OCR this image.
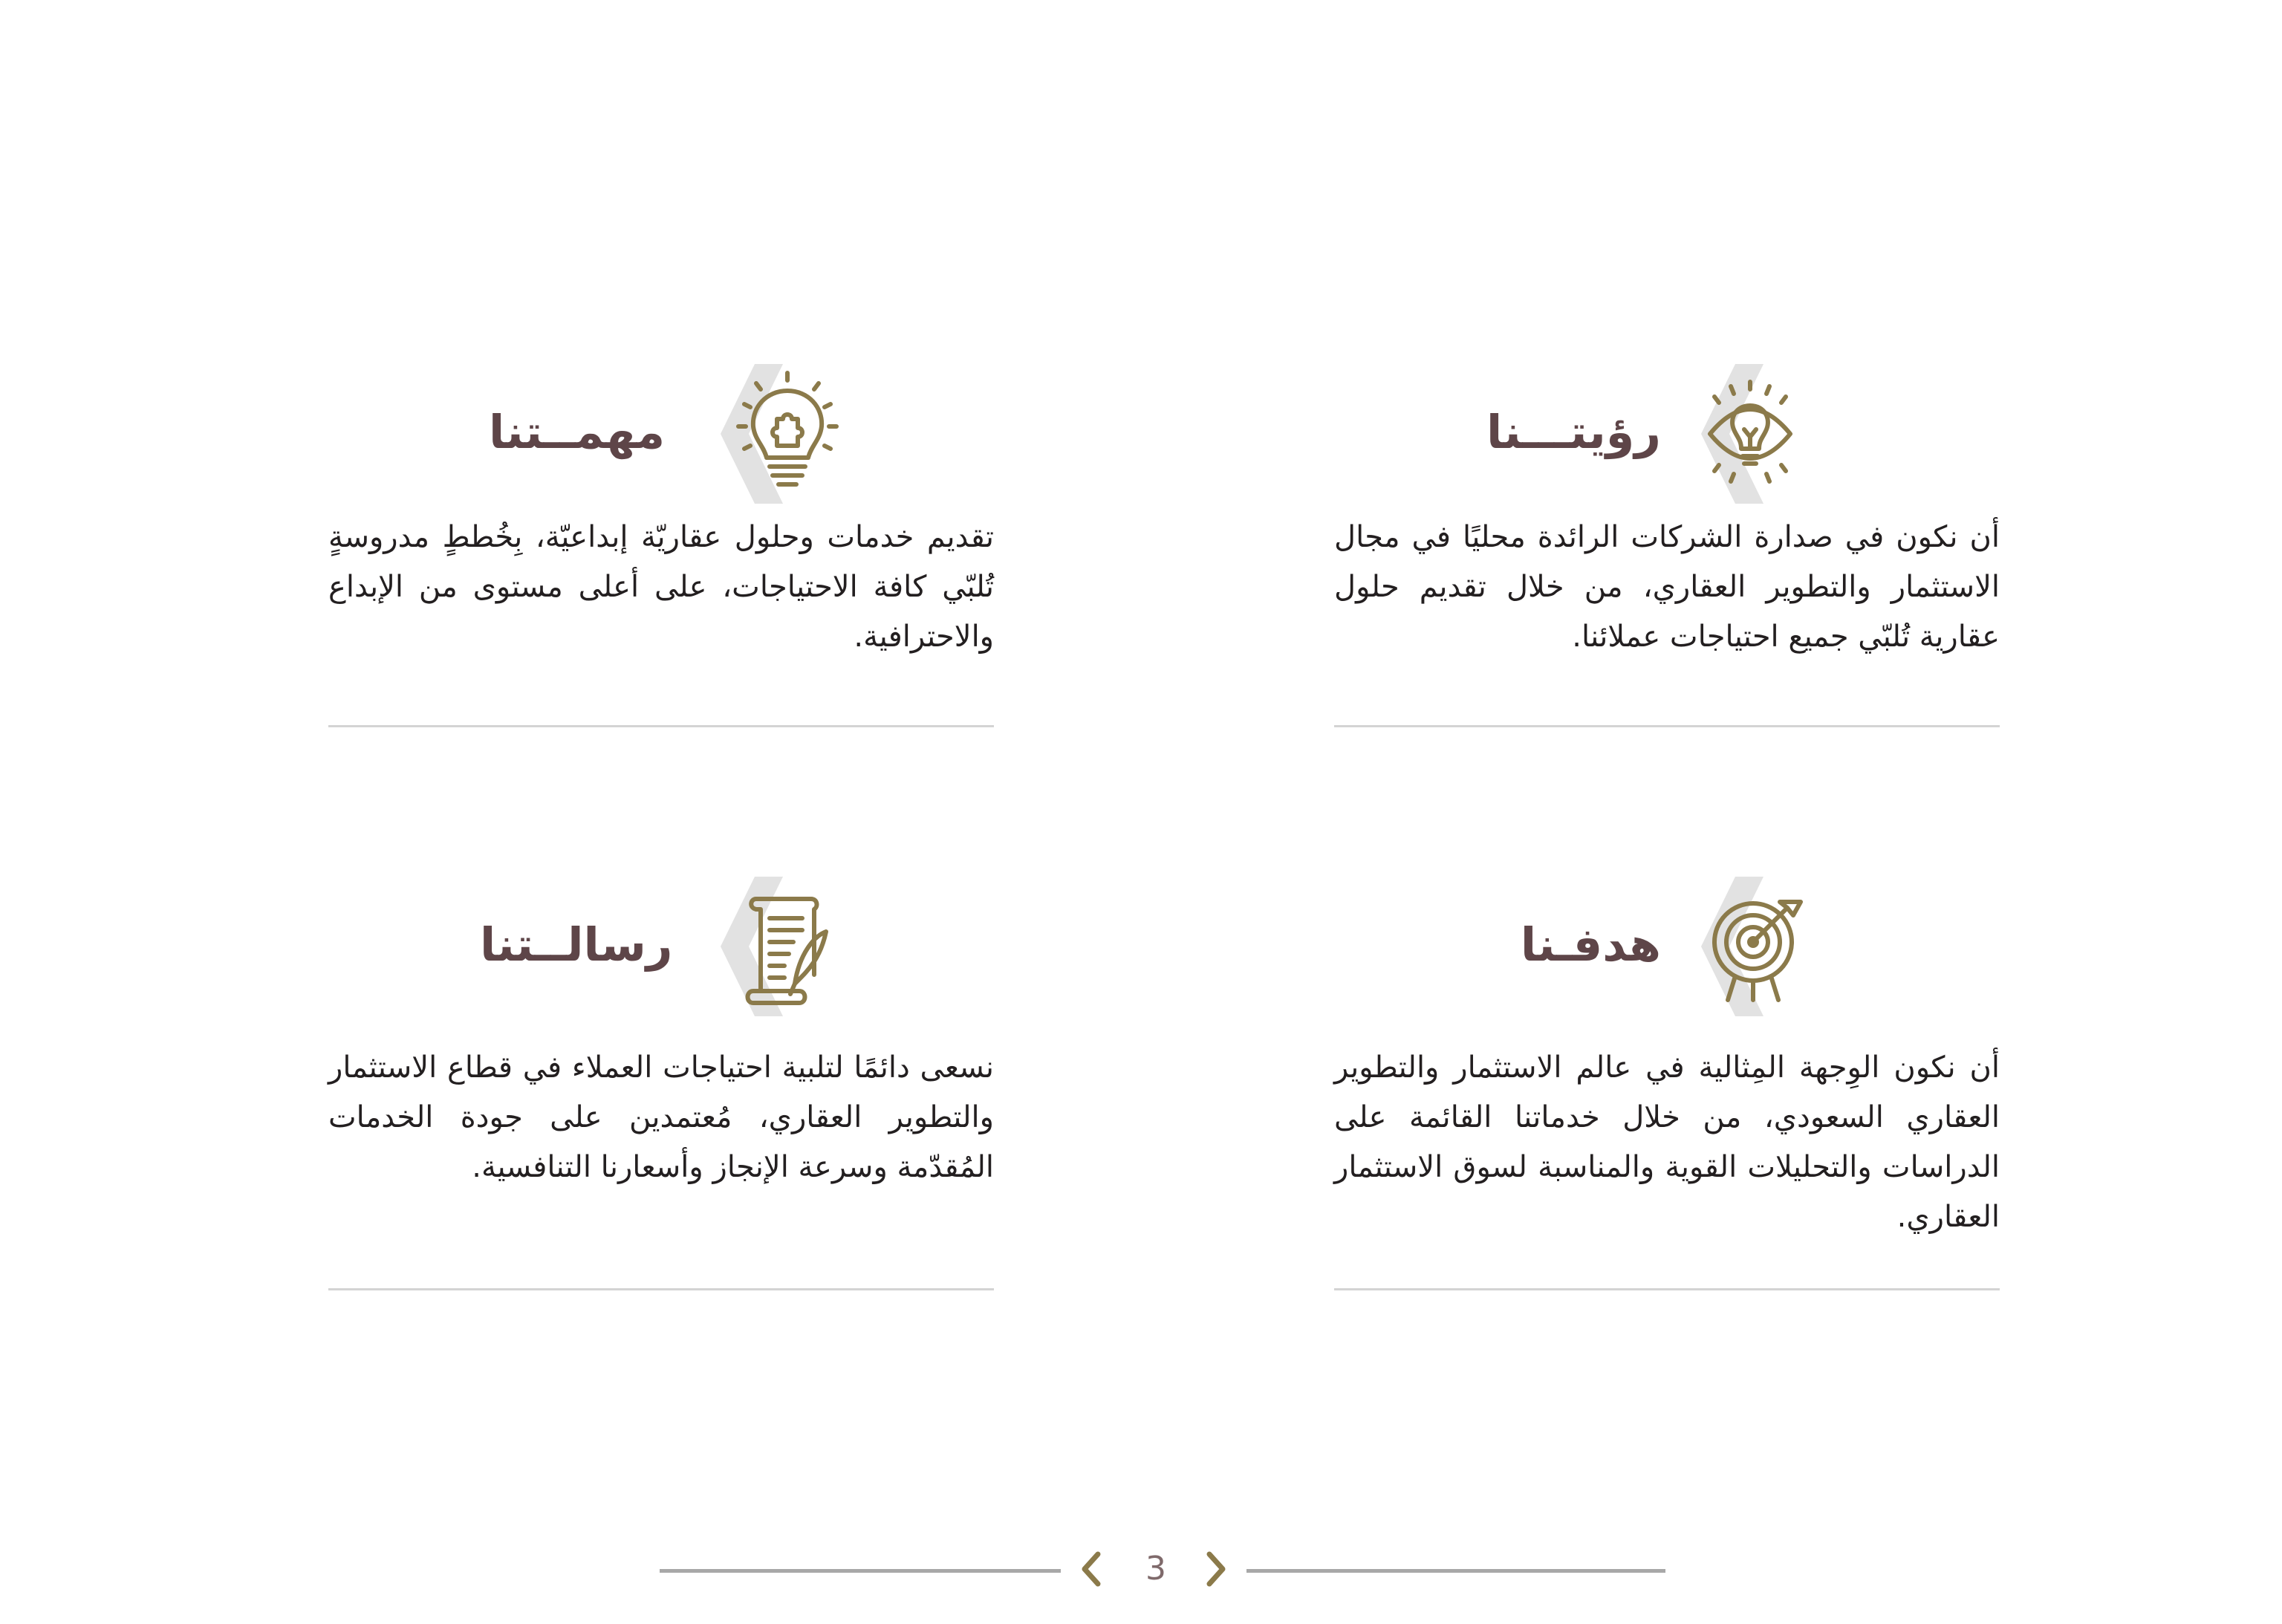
رؤيتـــنا

أن نكون في صدارة الشركات الرائدة محليًا في مجال الاستثمار والتطوير العقاري، من خلال تقديم حلول عقارية تُلبّي جميع احتياجات عملائنا.

مهمــتنا

تقديم خدمات وحلول عقاريّة إبداعيّة، بِخُططٍ مدروسةٍ تُلبّي كافة الاحتياجات، على أعلى مستوى من الإبداع والاحترافية.

هدفـنا

أن نكون الوِجهة المِثالية في عالم الاستثمار والتطوير العقاري السعودي، من خلال خدماتنا القائمة على الدراسات والتحليلات القوية والمناسبة لسوق الاستثمار العقاري.

رسالــتنا

نسعى دائمًا لتلبية احتياجات العملاء في قطاع الاستثمار والتطوير العقاري، مُعتمدين على جودة الخدمات المُقدّمة وسرعة الإنجاز وأسعارنا التنافسية.

3
